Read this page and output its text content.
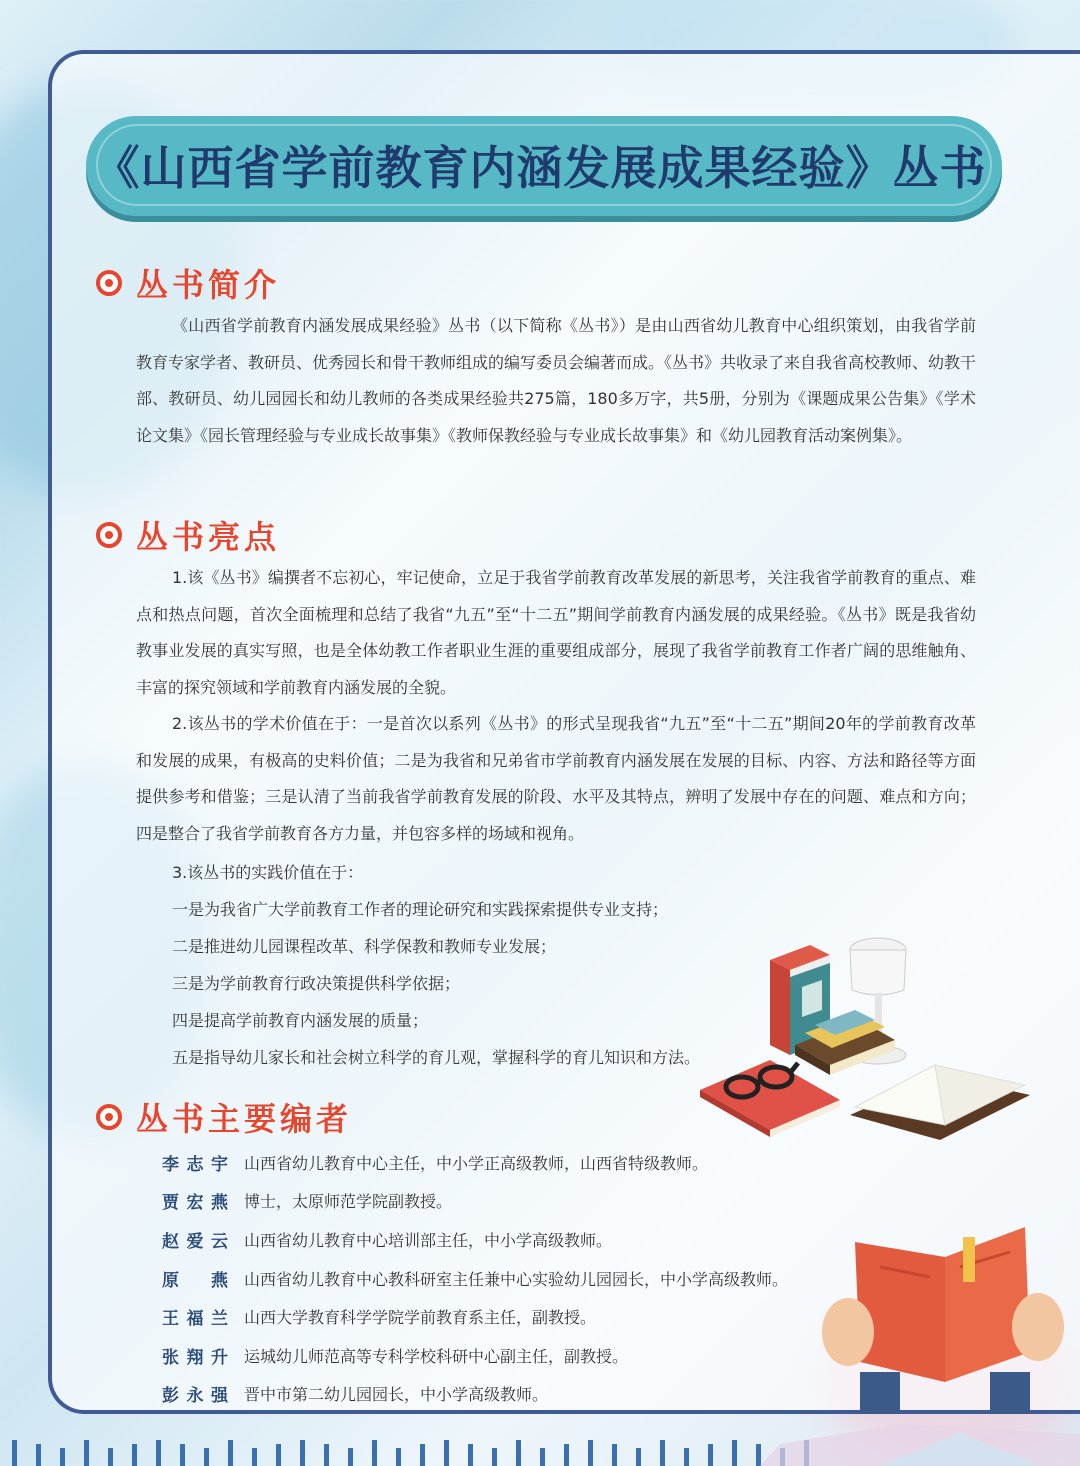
《山西省学前教育内涵发展成果经验》丛书
丛书简介

《山西省学前教育内涵发展成果经验》丛书（以下简称《丛书》）是由山西省幼儿教育中心组织策划，由我省学前教育专家学者、教研员、优秀园长和骨干教师组成的编写委员会编著而成。《丛书》共收录了来自我省高校教师、幼教干部、教研员、幼儿园园长和幼儿教师的各类成果经验共275篇，180多万字，共5册，分别为《课题成果公告集》《学术论文集》《园长管理经验与专业成长故事集》《教师保教经验与专业成长故事集》和《幼儿园教育活动案例集》。

丛书亮点

1.该《丛书》编撰者不忘初心，牢记使命，立足于我省学前教育改革发展的新思考，关注我省学前教育的重点、难点和热点问题，首次全面梳理和总结了我省“九五”至“十二五”期间学前教育内涵发展的成果经验。《丛书》既是我省幼教事业发展的真实写照，也是全体幼教工作者职业生涯的重要组成部分，展现了我省学前教育工作者广阔的思维触角、丰富的探究领域和学前教育内涵发展的全貌。

2.该丛书的学术价值在于：一是首次以系列《丛书》的形式呈现我省“九五”至“十二五”期间20年的学前教育改革和发展的成果，有极高的史料价值；二是为我省和兄弟省市学前教育内涵发展在发展的目标、内容、方法和路径等方面提供参考和借鉴；三是认清了当前我省学前教育发展的阶段、水平及其特点，辨明了发展中存在的问题、难点和方向；四是整合了我省学前教育各方力量，并包容多样的场域和视角。

3.该丛书的实践价值在于：
一是为我省广大学前教育工作者的理论研究和实践探索提供专业支持；
二是推进幼儿园课程改革、科学保教和教师专业发展；
三是为学前教育行政决策提供科学依据；
四是提高学前教育内涵发展的质量；
五是指导幼儿家长和社会树立科学的育儿观，掌握科学的育儿知识和方法。
丛书主要编者
李志宇 山西省幼儿教育中心主任，中小学正高级教师，山西省特级教师。
贾宏燕 博士，太原师范学院副教授。
赵爱云 山西省幼儿教育中心培训部主任，中小学高级教师。
原　燕 山西省幼儿教育中心教科研室主任兼中心实验幼儿园园长，中小学高级教师。
王福兰 山西大学教育科学学院学前教育系主任，副教授。
张翔升 运城幼儿师范高等专科学校科研中心副主任，副教授。
彭永强 晋中市第二幼儿园园长，中小学高级教师。
